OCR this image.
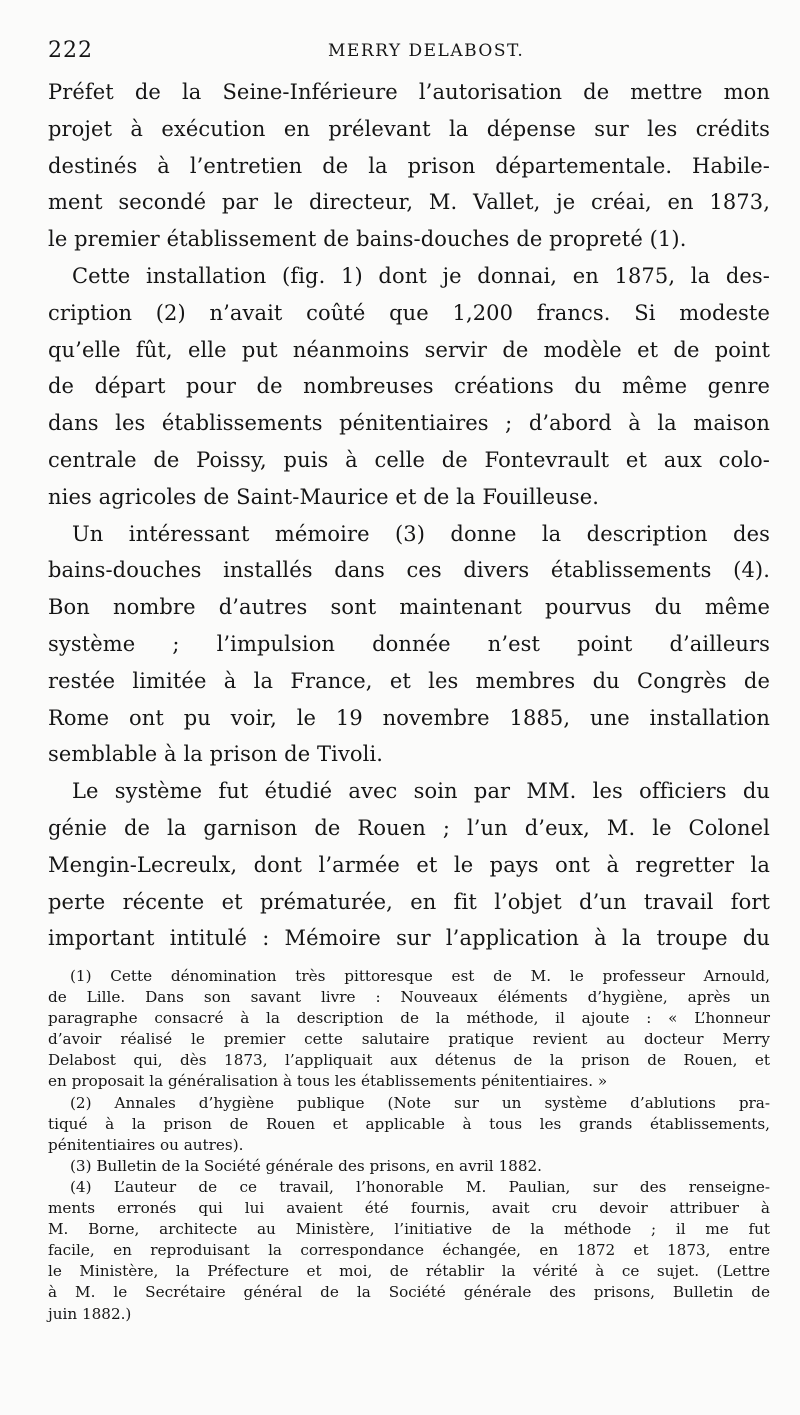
222	MERRY DELABOST.
Préfet de la Seine-Inférieure l’autorisation de mettre mon
projet à exécution en prélevant la dépense sur les crédits
destinés à l’entretien de la prison départementale. Habile-
ment secondé par le directeur, M. Vallet, je créai, en 1873,
le premier établissement de bains-douches de propreté (1).
Cette installation (fig. 1) dont je donnai, en 1875, la des-
cription (2) n’avait coûté que 1,200 francs. Si modeste
qu’elle fût, elle put néanmoins servir de modèle et de point
de départ pour de nombreuses créations du même genre
dans les établissements pénitentiaires ; d’abord à la maison
centrale de Poissy, puis à celle de Fontevrault et aux colo-
nies agricoles de Saint-Maurice et de la Fouilleuse.
Un intéressant mémoire (3) donne la description des
bains-douches installés dans ces divers établissements (4).
Bon nombre d’autres sont maintenant pourvus du même
système ; l’impulsion donnée n’est point d’ailleurs
restée limitée à la France, et les membres du Congrès de
Rome ont pu voir, le 19 novembre 1885, une installation
semblable à la prison de Tivoli.
Le système fut étudié avec soin par MM. les officiers du
génie de la garnison de Rouen ; l’un d’eux, M. le Colonel
Mengin-Lecreulx, dont l’armée et le pays ont à regretter la
perte récente et prématurée, en fit l’objet d’un travail fort
important intitulé : Mémoire sur l’application à la troupe du
(1) Cette dénomination très pittoresque est de M. le professeur Arnould,
de Lille. Dans son savant livre : Nouveaux éléments d’hygiène, après un
paragraphe consacré à la description de la méthode, il ajoute : « L’honneur
d’avoir réalisé le premier cette salutaire pratique revient au docteur Merry
Delabost qui, dès 1873, l’appliquait aux détenus de la prison de Rouen, et
en proposait la généralisation à tous les établissements pénitentiaires. »
(2) Annales d’hygiène publique (Note sur un système d’ablutions pra-
tiqué à la prison de Rouen et applicable à tous les grands établissements,
pénitentiaires ou autres).
(3) Bulletin de la Société générale des prisons, en avril 1882.
(4) L’auteur de ce travail, l’honorable M. Paulian, sur des renseigne-
ments erronés qui lui avaient été fournis, avait cru devoir attribuer à
M. Borne, architecte au Ministère, l’initiative de la méthode ; il me fut
facile, en reproduisant la correspondance échangée, en 1872 et 1873, entre
le Ministère, la Préfecture et moi, de rétablir la vérité à ce sujet. (Lettre
à M. le Secrétaire général de la Société générale des prisons, Bulletin de
juin 1882.)
